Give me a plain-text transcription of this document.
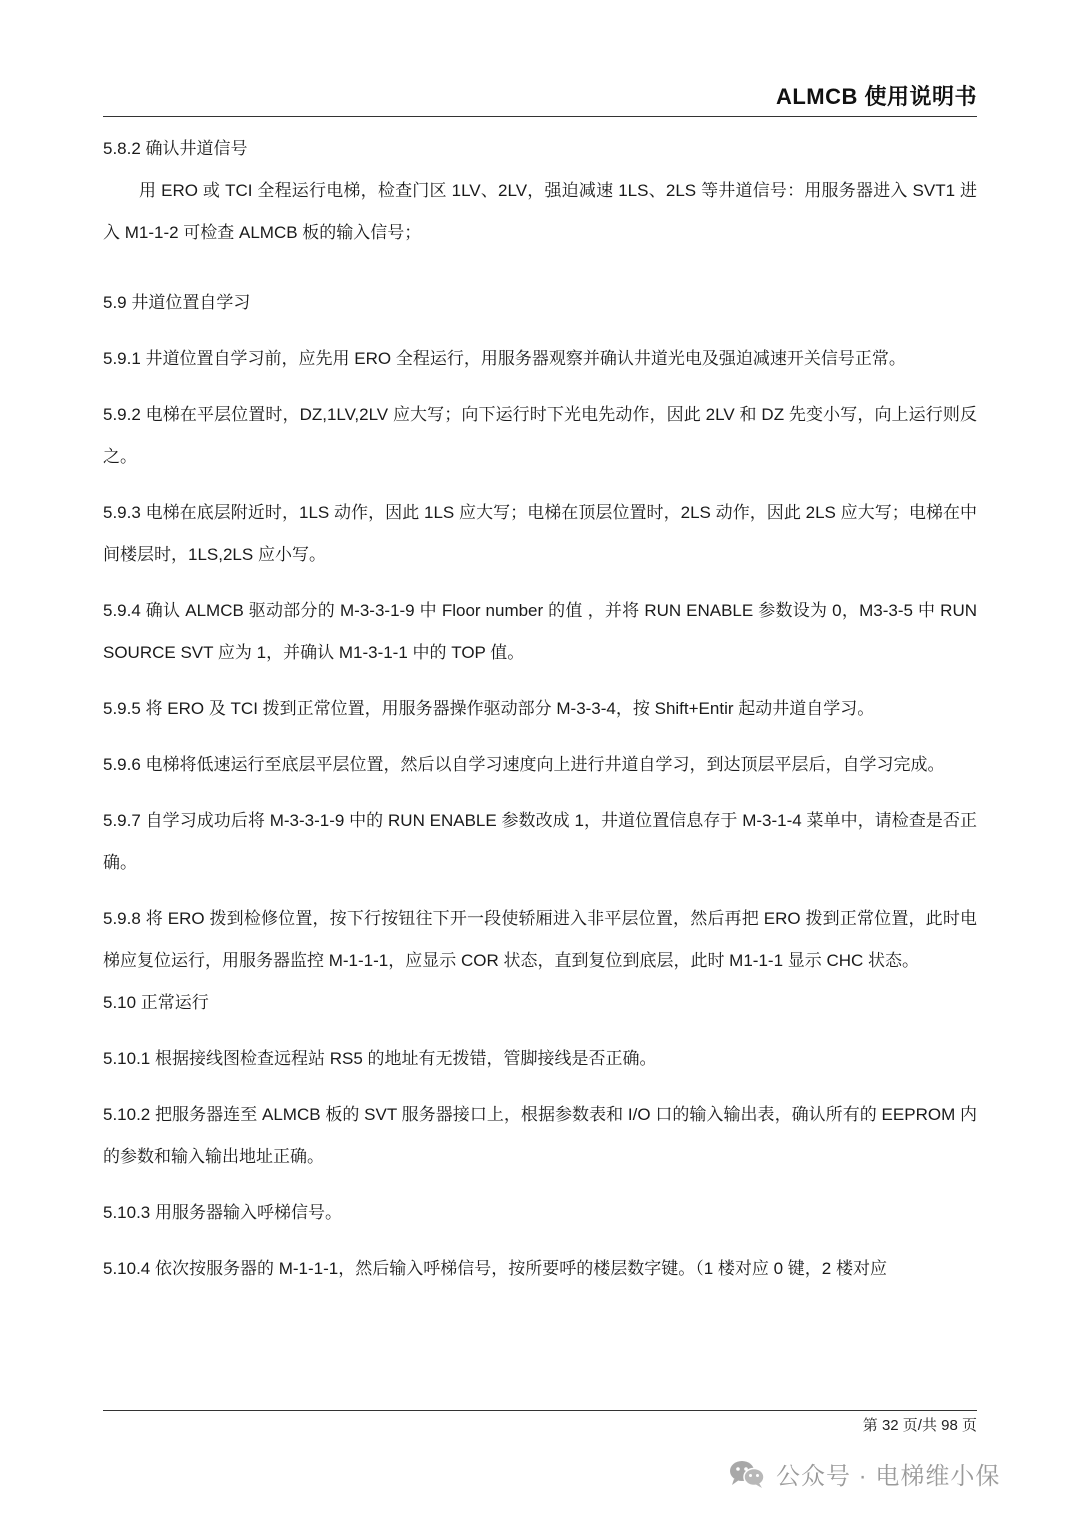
ALMCB 使用说明书

5.8.2 确认井道信号

用 ERO 或 TCI 全程运行电梯，检查门区 1LV、2LV，强迫减速 1LS、2LS 等井道信号：用服务器进入 SVT1 进入 M1-1-2 可检查 ALMCB 板的输入信号；

5.9 井道位置自学习

5.9.1 井道位置自学习前，应先用 ERO 全程运行，用服务器观察并确认井道光电及强迫减速开关信号正常。

5.9.2 电梯在平层位置时，DZ,1LV,2LV 应大写；向下运行时下光电先动作，因此 2LV 和 DZ 先变小写，向上运行则反之。

5.9.3 电梯在底层附近时，1LS 动作，因此 1LS 应大写；电梯在顶层位置时，2LS 动作，因此 2LS 应大写；电梯在中间楼层时，1LS,2LS 应小写。

5.9.4 确认 ALMCB 驱动部分的 M-3-3-1-9 中 Floor number 的值 ，并将 RUN ENABLE 参数设为 0，M3-3-5 中 RUN SOURCE SVT 应为 1，并确认 M1-3-1-1 中的 TOP 值。

5.9.5 将 ERO 及 TCI 拨到正常位置，用服务器操作驱动部分 M-3-3-4，按 Shift+Entir 起动井道自学习。

5.9.6 电梯将低速运行至底层平层位置，然后以自学习速度向上进行井道自学习，到达顶层平层后，自学习完成。

5.9.7 自学习成功后将 M-3-3-1-9 中的 RUN ENABLE 参数改成 1，井道位置信息存于 M-3-1-4 菜单中，请检查是否正确。

5.9.8 将 ERO 拨到检修位置，按下行按钮往下开一段使轿厢进入非平层位置，然后再把 ERO 拨到正常位置，此时电梯应复位运行，用服务器监控 M-1-1-1，应显示 COR 状态，直到复位到底层，此时 M1-1-1 显示 CHC 状态。

5.10 正常运行

5.10.1 根据接线图检查远程站 RS5 的地址有无拨错，管脚接线是否正确。

5.10.2 把服务器连至 ALMCB 板的 SVT 服务器接口上，根据参数表和 I/O 口的输入输出表，确认所有的 EEPROM 内的参数和输入输出地址正确。

5.10.3 用服务器输入呼梯信号。

5.10.4 依次按服务器的 M-1-1-1，然后输入呼梯信号，按所要呼的楼层数字键。（1 楼对应 0 键，2 楼对应

第 32 页/共 98 页
公众号 · 电梯维小保
